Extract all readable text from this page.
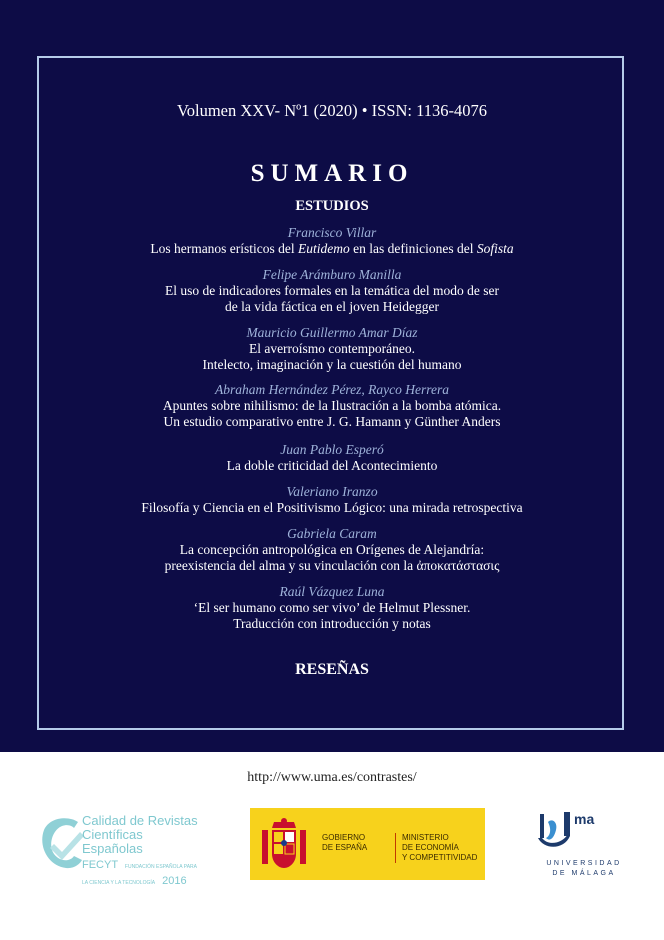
Volumen XXV- Nº1 (2020) • ISSN: 1136-4076
SUMARIO
ESTUDIOS
Francisco Villar
Los hermanos erísticos del Eutidemo en las definiciones del Sofista
Felipe Arámburo Manilla
El uso de indicadores formales en la temática del modo de ser
de la vida fáctica en el joven Heidegger
Mauricio Guillermo Amar Díaz
El averroísmo contemporáneo.
Intelecto, imaginación y la cuestión del humano
Abraham Hernández Pérez, Rayco Herrera
Apuntes sobre nihilismo: de la Ilustración a la bomba atómica.
Un estudio comparativo entre J. G. Hamann y Günther Anders
Juan Pablo Esperó
La doble criticidad del Acontecimiento
Valeriano Iranzo
Filosofía y Ciencia en el Positivismo Lógico: una mirada retrospectiva
Gabriela Caram
La concepción antropológica en Orígenes de Alejandría:
preexistencia del alma y su vinculación con la ἀποκατάστασις
Raúl Vázquez Luna
‘El ser humano como ser vivo’ de Helmut Plessner.
Traducción con introducción y notas
RESEÑAS
http://www.uma.es/contrastes/
Calidad de Revistas
Científicas Españolas
FECYT FUNDACIÓN ESPAÑOLA PARA LA CIENCIA Y LA TECNOLOGÍA 2016
GOBIERNO
DE ESPAÑA
MINISTERIO
DE ECONOMÍA
Y COMPETITIVIDAD
ma
UNIVERSIDAD
DE MÁLAGA
